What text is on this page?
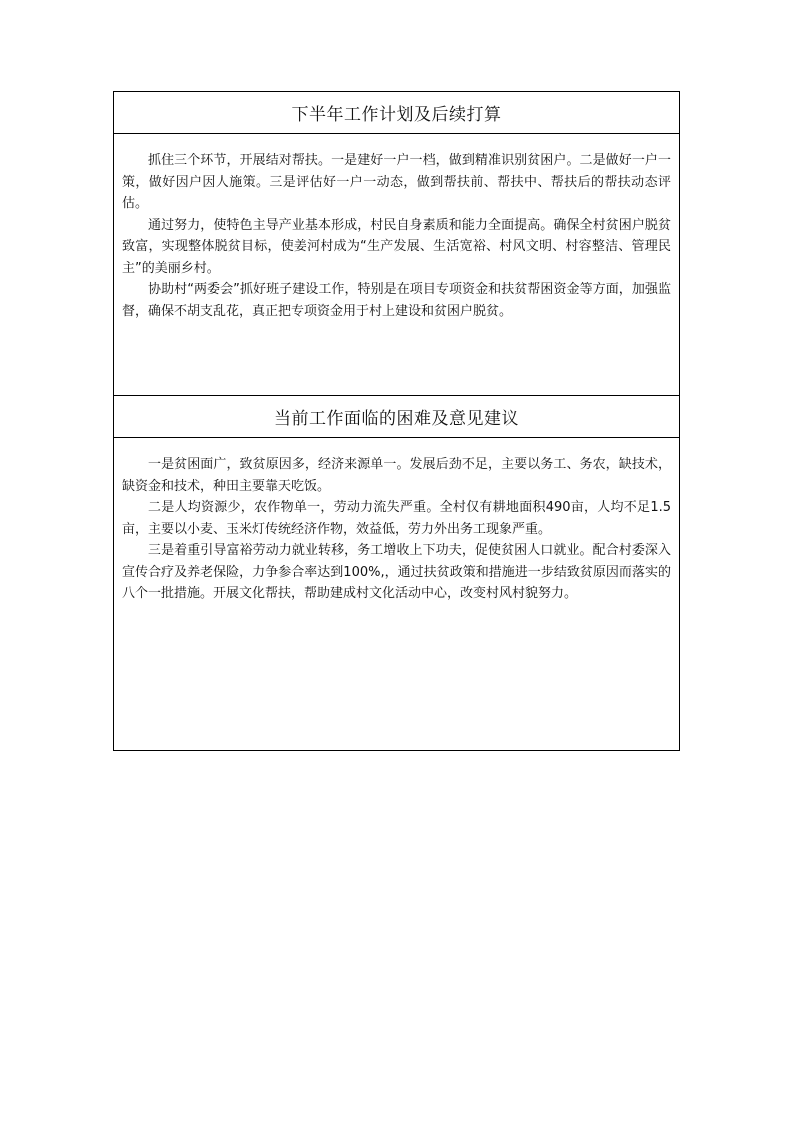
下半年工作计划及后续打算

抓住三个环节，开展结对帮扶。一是建好一户一档，做到精准识别贫困户。二是做好一户一策，做好因户因人施策。三是评估好一户一动态，做到帮扶前、帮扶中、帮扶后的帮扶动态评估。

通过努力，使特色主导产业基本形成，村民自身素质和能力全面提高。确保全村贫困户脱贫致富，实现整体脱贫目标，使姜河村成为“生产发展、生活宽裕、村风文明、村容整洁、管理民主”的美丽乡村。

协助村“两委会”抓好班子建设工作，特别是在项目专项资金和扶贫帮困资金等方面，加强监督，确保不胡支乱花，真正把专项资金用于村上建设和贫困户脱贫。

当前工作面临的困难及意见建议

一是贫困面广，致贫原因多，经济来源单一。发展后劲不足，主要以务工、务农，缺技术，缺资金和技术，种田主要靠天吃饭。

二是人均资源少，农作物单一，劳动力流失严重。全村仅有耕地面积490亩，人均不足1.5亩，主要以小麦、玉米灯传统经济作物，效益低，劳力外出务工现象严重。

三是着重引导富裕劳动力就业转移，务工增收上下功夫，促使贫困人口就业。配合村委深入宣传合疗及养老保险，力争参合率达到100%,，通过扶贫政策和措施进一步结致贫原因而落实的八个一批措施。开展文化帮扶，帮助建成村文化活动中心，改变村风村貌努力。
